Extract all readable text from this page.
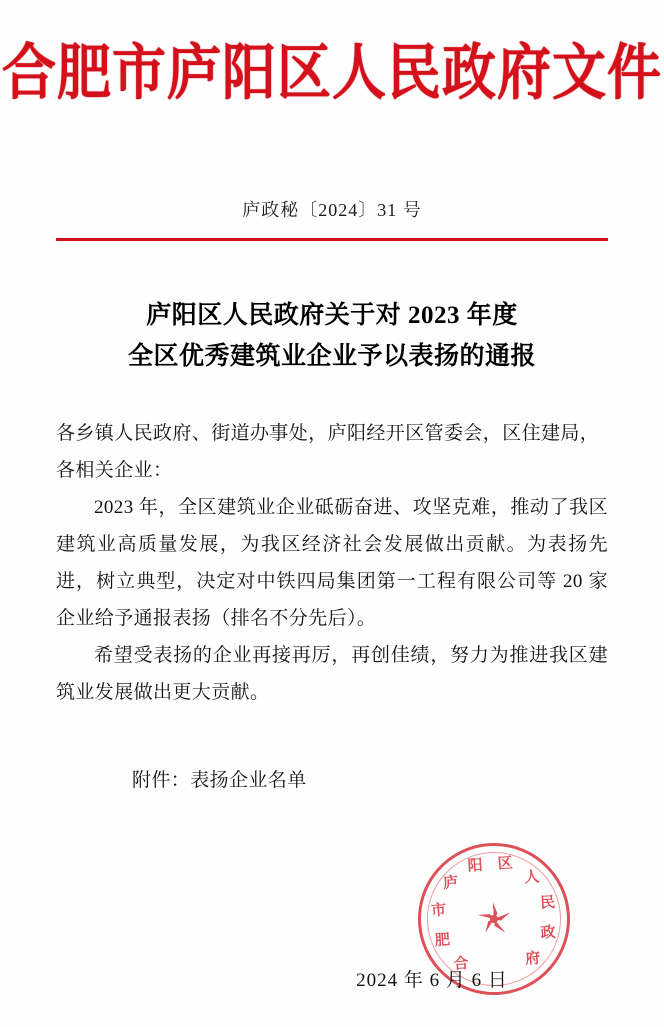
合肥市庐阳区人民政府文件
庐政秘〔2024〕31 号
庐阳区人民政府关于对 2023 年度
全区优秀建筑业企业予以表扬的通报

各乡镇人民政府、街道办事处，庐阳经开区管委会，区住建局，

各相关企业：

2023 年，全区建筑业企业砥砺奋进、攻坚克难，推动了我区建筑业高质量发展，为我区经济社会发展做出贡献。为表扬先进，树立典型，决定对中铁四局集团第一工程有限公司等 20 家企业给予通报表扬（排名不分先后）。

希望受表扬的企业再接再厉，再创佳绩，努力为推进我区建筑业发展做出更大贡献。

附件：表扬企业名单
合
肥
市
庐
阳 区
人
民
政
府
2024 年 6 月 6 日
